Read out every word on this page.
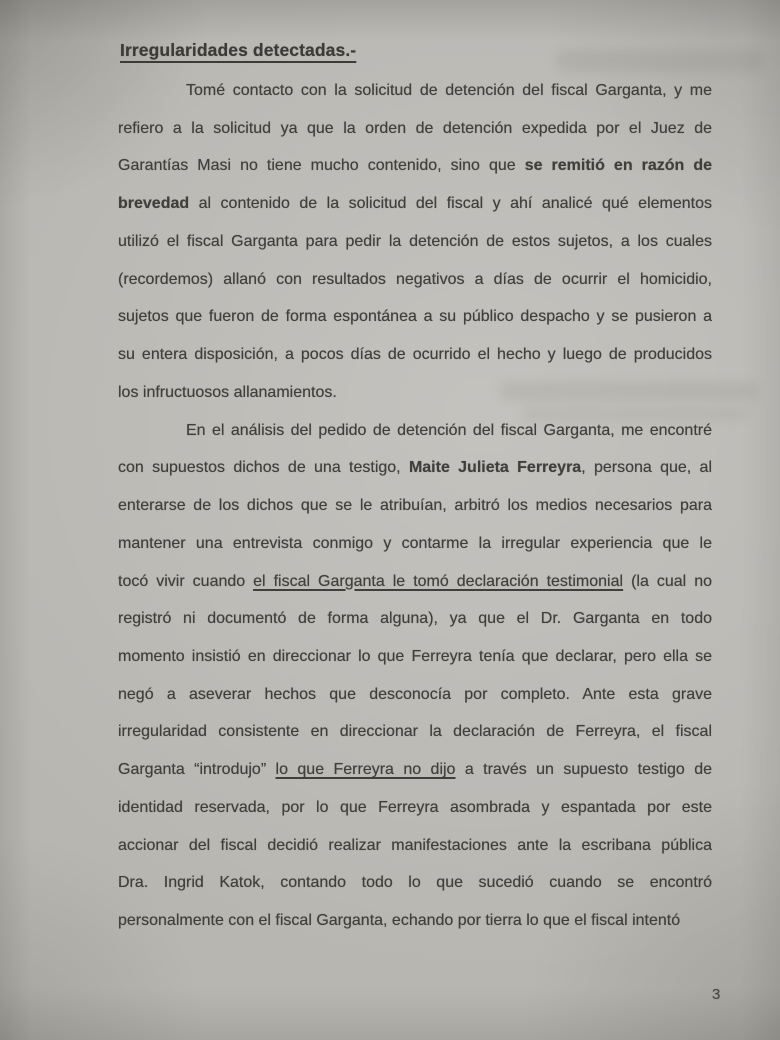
Irregularidades detectadas.-
Tomé contacto con la solicitud de detención del fiscal Garganta, y me
refiero a la solicitud ya que la orden de detención expedida por el Juez de
Garantías Masi no tiene mucho contenido, sino que se remitió en razón de
brevedad al contenido de la solicitud del fiscal y ahí analicé qué elementos
utilizó el fiscal Garganta para pedir la detención de estos sujetos, a los cuales
(recordemos) allanó con resultados negativos a días de ocurrir el homicidio,
sujetos que fueron de forma espontánea a su público despacho y se pusieron a
su entera disposición, a pocos días de ocurrido el hecho y luego de producidos
los infructuosos allanamientos.
En el análisis del pedido de detención del fiscal Garganta, me encontré
con supuestos dichos de una testigo, Maite Julieta Ferreyra, persona que, al
enterarse de los dichos que se le atribuían, arbitró los medios necesarios para
mantener una entrevista conmigo y contarme la irregular experiencia que le
tocó vivir cuando el fiscal Garganta le tomó declaración testimonial (la cual no
registró ni documentó de forma alguna), ya que el Dr. Garganta en todo
momento insistió en direccionar lo que Ferreyra tenía que declarar, pero ella se
negó a aseverar hechos que desconocía por completo. Ante esta grave
irregularidad consistente en direccionar la declaración de Ferreyra, el fiscal
Garganta “introdujo” lo que Ferreyra no dijo a través un supuesto testigo de
identidad reservada, por lo que Ferreyra asombrada y espantada por este
accionar del fiscal decidió realizar manifestaciones ante la escribana pública
Dra. Ingrid Katok, contando todo lo que sucedió cuando se encontró
personalmente con el fiscal Garganta, echando por tierra lo que el fiscal intentó
3
